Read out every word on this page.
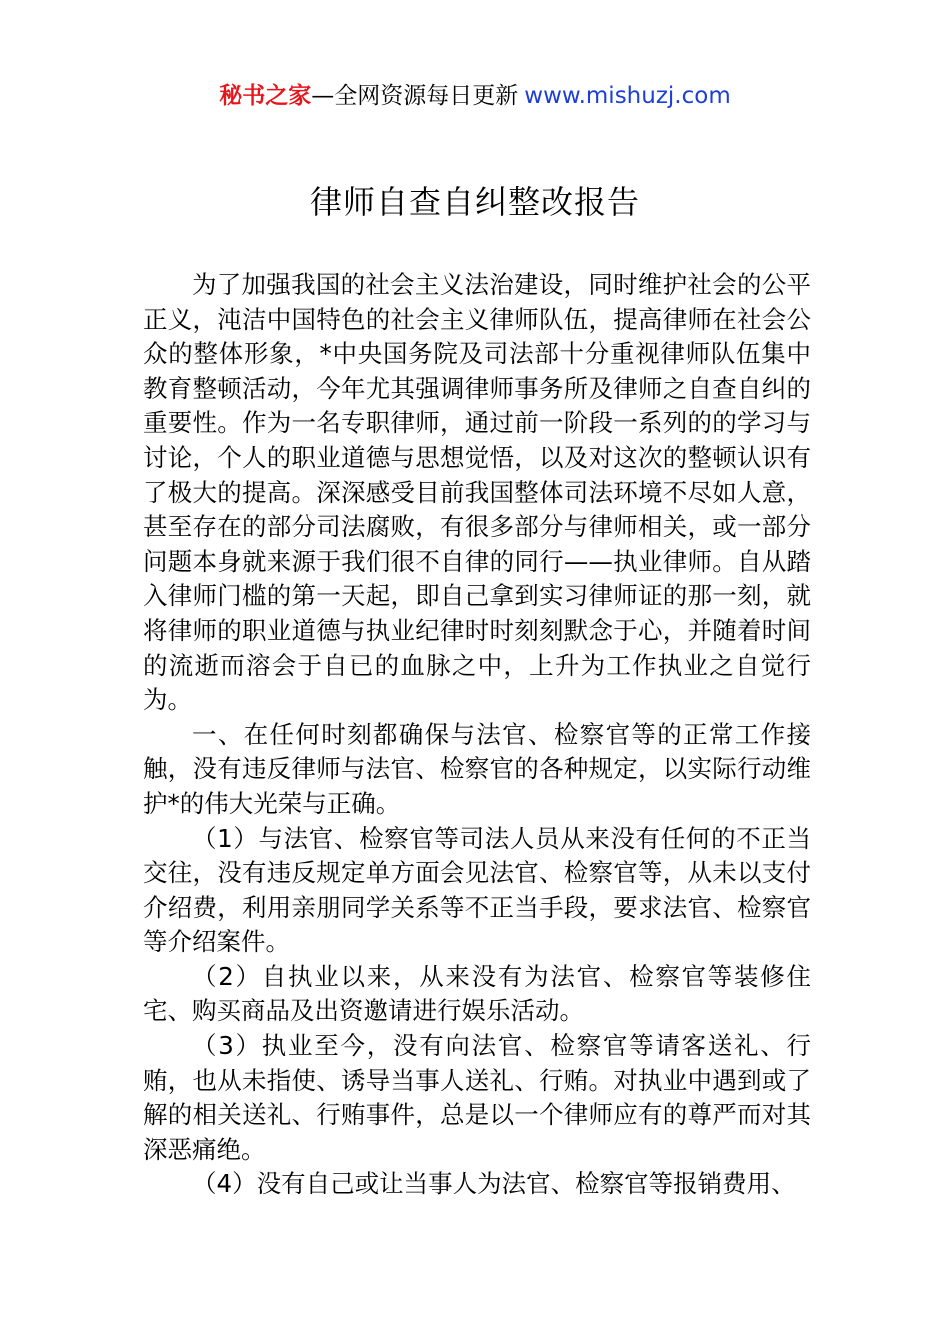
秘书之家—全网资源每日更新 www.mishuzj.com
律师自查自纠整改报告

为了加强我国的社会主义法治建设，同时维护社会的公平正义，沌洁中国特色的社会主义律师队伍，提高律师在社会公众的整体形象，*中央国务院及司法部十分重视律师队伍集中教育整顿活动，今年尤其强调律师事务所及律师之自查自纠的重要性。作为一名专职律师，通过前一阶段一系列的的学习与讨论，个人的职业道德与思想觉悟，以及对这次的整顿认识有了极大的提高。深深感受目前我国整体司法环境不尽如人意，甚至存在的部分司法腐败，有很多部分与律师相关，或一部分问题本身就来源于我们很不自律的同行——执业律师。自从踏入律师门槛的第一天起，即自己拿到实习律师证的那一刻，就将律师的职业道德与执业纪律时时刻刻默念于心，并随着时间的流逝而溶会于自已的血脉之中，上升为工作执业之自觉行为。

一、在任何时刻都确保与法官、检察官等的正常工作接触，没有违反律师与法官、检察官的各种规定，以实际行动维护*的伟大光荣与正确。

（1）与法官、检察官等司法人员从来没有任何的不正当交往，没有违反规定单方面会见法官、检察官等，从未以支付介绍费，利用亲朋同学关系等不正当手段，要求法官、检察官等介绍案件。

（2）自执业以来，从来没有为法官、检察官等装修住宅、购买商品及出资邀请进行娱乐活动。

（3）执业至今，没有向法官、检察官等请客送礼、行贿，也从未指使、诱导当事人送礼、行贿。对执业中遇到或了解的相关送礼、行贿事件，总是以一个律师应有的尊严而对其深恶痛绝。

（4）没有自己或让当事人为法官、检察官等报销费用、
